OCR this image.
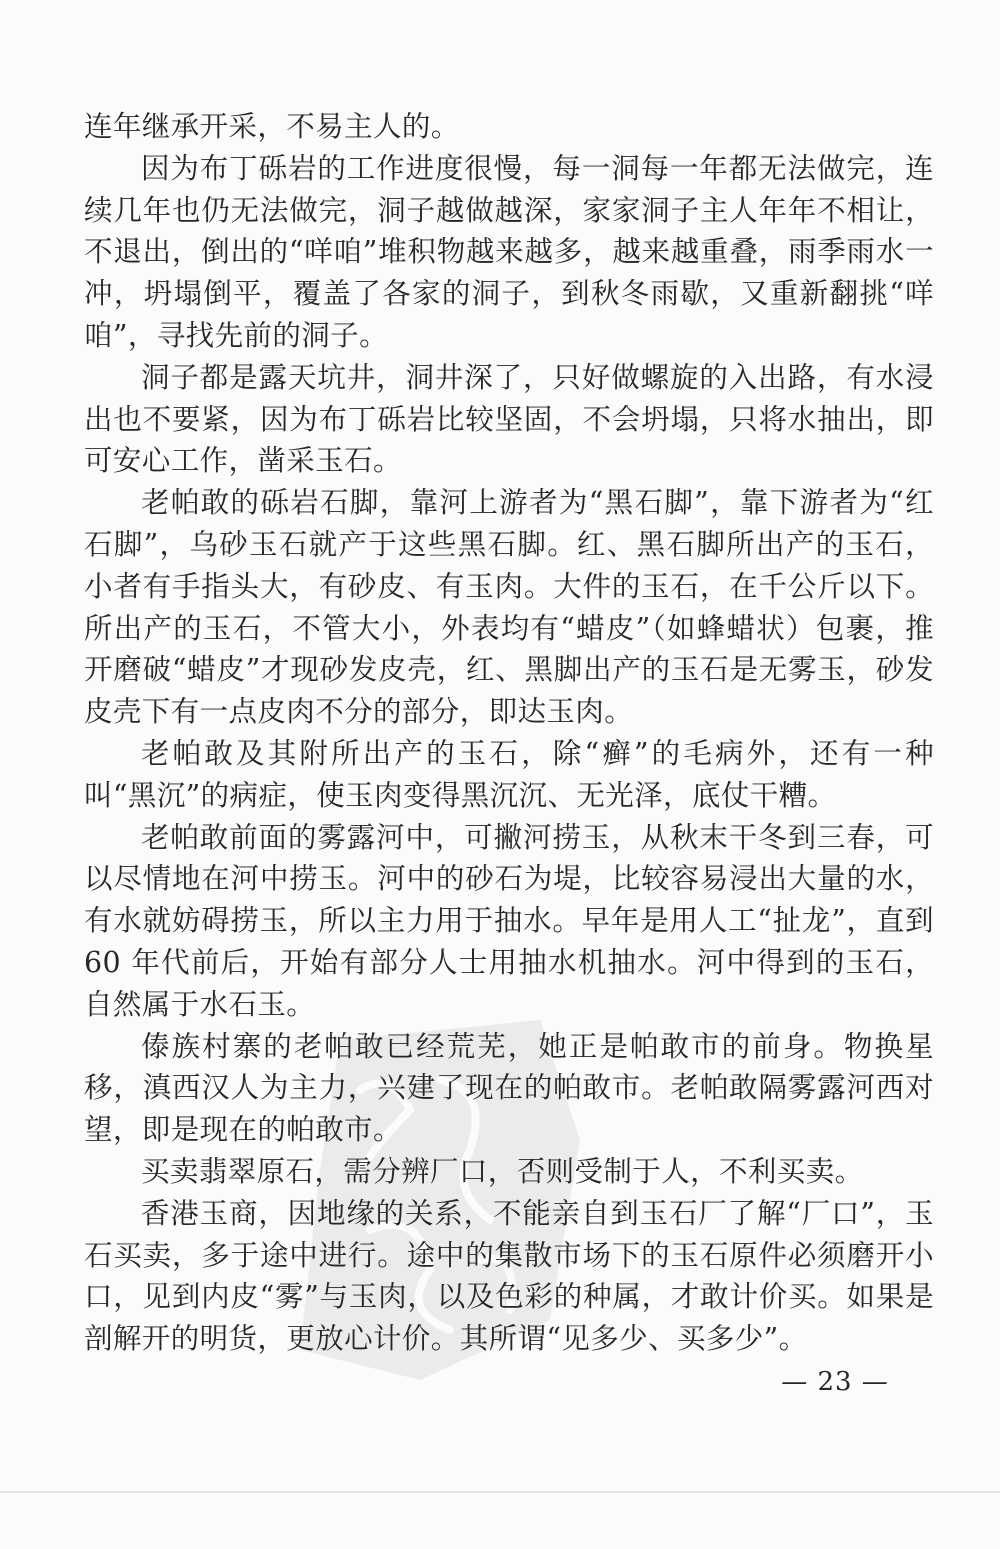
连年继承开采，不易主人的。

因为布丁砾岩的工作进度很慢，每一洞每一年都无法做完，连续几年也仍无法做完，洞子越做越深，家家洞子主人年年不相让，不退出，倒出的“咩咱”堆积物越来越多，越来越重叠，雨季雨水一冲，坍塌倒平，覆盖了各家的洞子，到秋冬雨歇，又重新翻挑“咩咱”，寻找先前的洞子。

洞子都是露天坑井，洞井深了，只好做螺旋的入出路，有水浸出也不要紧，因为布丁砾岩比较坚固，不会坍塌，只将水抽出，即可安心工作，凿采玉石。

老帕敢的砾岩石脚，靠河上游者为“黑石脚”，靠下游者为“红石脚”，乌砂玉石就产于这些黑石脚。红、黑石脚所出产的玉石，小者有手指头大，有砂皮、有玉肉。大件的玉石，在千公斤以下。所出产的玉石，不管大小，外表均有“蜡皮”（如蜂蜡状）包裹，推开磨破“蜡皮”才现砂发皮壳，红、黑脚出产的玉石是无雾玉，砂发皮壳下有一点皮肉不分的部分，即达玉肉。

老帕敢及其附所出产的玉石，除“癣”的毛病外，还有一种叫“黑沉”的病症，使玉肉变得黑沉沉、无光泽，底仗干糟。

老帕敢前面的雾露河中，可撇河捞玉，从秋末干冬到三春，可以尽情地在河中捞玉。河中的砂石为堤，比较容易浸出大量的水，有水就妨碍捞玉，所以主力用于抽水。早年是用人工“扯龙”，直到 60 年代前后，开始有部分人士用抽水机抽水。河中得到的玉石，自然属于水石玉。

傣族村寨的老帕敢已经荒芜，她正是帕敢市的前身。物换星移，滇西汉人为主力，兴建了现在的帕敢市。老帕敢隔雾露河西对望，即是现在的帕敢市。

买卖翡翠原石，需分辨厂口，否则受制于人，不利买卖。

香港玉商，因地缘的关系，不能亲自到玉石厂了解“厂口”，玉石买卖，多于途中进行。途中的集散市场下的玉石原件必须磨开小口，见到内皮“雾”与玉肉，以及色彩的种属，才敢计价买。如果是剖解开的明货，更放心计价。其所谓“见多少、买多少”。

— 23 —
